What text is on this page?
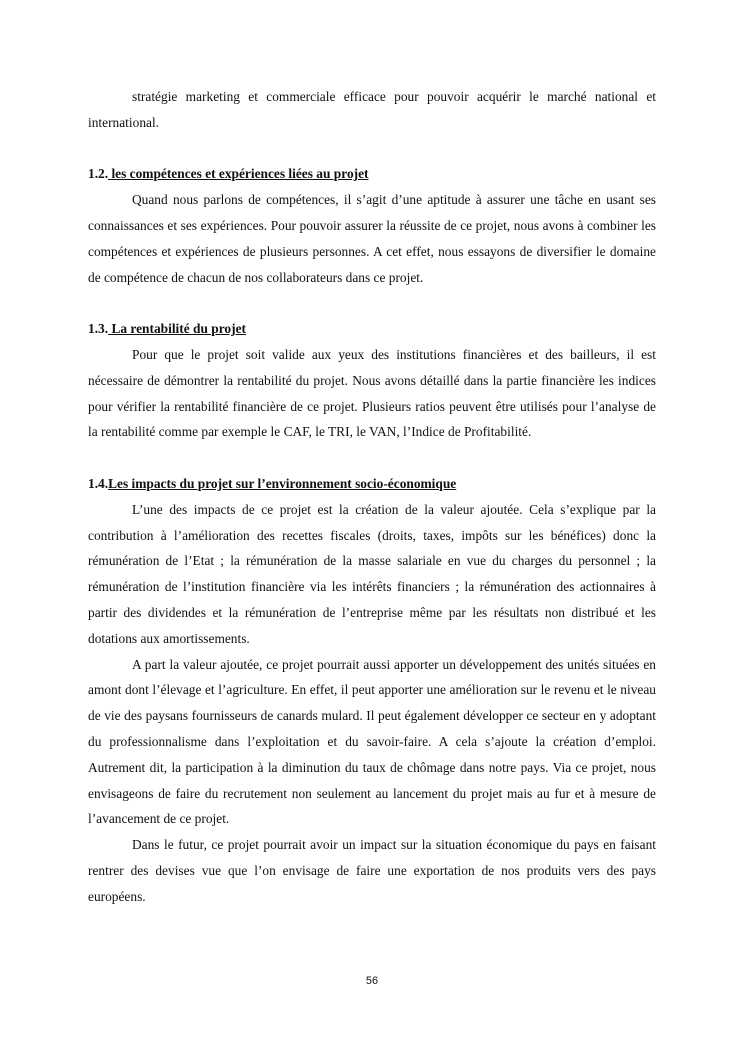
stratégie marketing et commerciale efficace pour pouvoir acquérir le marché national et international.

1.2. les compétences et expériences liées au projet

Quand nous parlons de compétences, il s’agit d’une aptitude à assurer une tâche en usant ses connaissances et ses expériences. Pour pouvoir assurer la réussite de ce projet, nous avons à combiner les compétences et expériences de plusieurs personnes. A cet effet, nous essayons de diversifier le domaine de compétence de chacun de nos collaborateurs dans ce projet.

1.3. La rentabilité du projet

Pour que le projet soit valide aux yeux des institutions financières et des bailleurs, il est nécessaire de démontrer la rentabilité du projet. Nous avons détaillé dans la partie financière les indices pour vérifier la rentabilité financière de ce projet. Plusieurs ratios peuvent être utilisés pour l’analyse de la rentabilité comme par exemple le CAF, le TRI, le VAN, l’Indice de Profitabilité.

1.4.Les impacts du projet sur l’environnement socio-économique

L’une des impacts de ce projet est la création de la valeur ajoutée. Cela s’explique par la contribution à l’amélioration des recettes fiscales (droits, taxes, impôts sur les bénéfices) donc la rémunération de l’Etat ; la rémunération de la masse salariale en vue du charges du personnel ; la rémunération de l’institution financière via les intérêts financiers ; la rémunération des actionnaires à partir des dividendes et la rémunération de l’entreprise même par les résultats non distribué et les dotations aux amortissements.

A part la valeur ajoutée, ce projet pourrait aussi apporter un développement des unités situées en amont dont l’élevage et l’agriculture. En effet, il peut apporter une amélioration sur le revenu et le niveau de vie des paysans fournisseurs de canards mulard. Il peut également développer ce secteur en y adoptant du professionnalisme dans l’exploitation et du savoir-faire. A cela s’ajoute la création d’emploi. Autrement dit, la participation à la diminution du taux de chômage dans notre pays. Via ce projet, nous envisageons de faire du recrutement non seulement au lancement du projet mais au fur et à mesure de l’avancement de ce projet.

Dans le futur, ce projet pourrait avoir un impact sur la situation économique du pays en faisant rentrer des devises vue que l’on envisage de faire une exportation de nos produits vers des pays européens.

56
